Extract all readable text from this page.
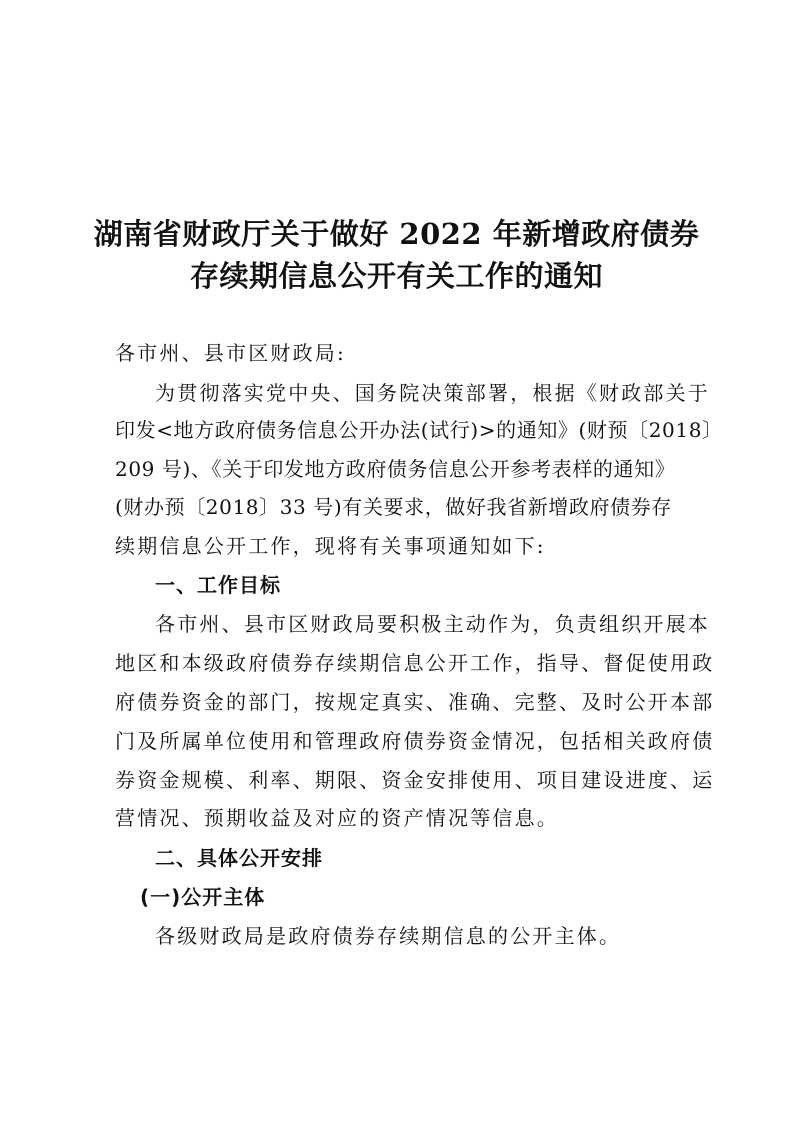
湖南省财政厅关于做好 2022 年新增政府债券
存续期信息公开有关工作的通知
各市州、县市区财政局:
为贯彻落实党中央、国务院决策部署，根据《财政部关于
印发<地方政府债务信息公开办法(试行)>的通知》(财预〔2018〕
209 号)、《关于印发地方政府债务信息公开参考表样的通知》
(财办预〔2018〕33 号)有关要求，做好我省新增政府债券存
续期信息公开工作，现将有关事项通知如下:
一、工作目标
各市州、县市区财政局要积极主动作为，负责组织开展本
地区和本级政府债券存续期信息公开工作，指导、督促使用政
府债券资金的部门，按规定真实、准确、完整、及时公开本部
门及所属单位使用和管理政府债券资金情况，包括相关政府债
券资金规模、利率、期限、资金安排使用、项目建设进度、运
营情况、预期收益及对应的资产情况等信息。
二、具体公开安排
(一)公开主体
各级财政局是政府债券存续期信息的公开主体。
